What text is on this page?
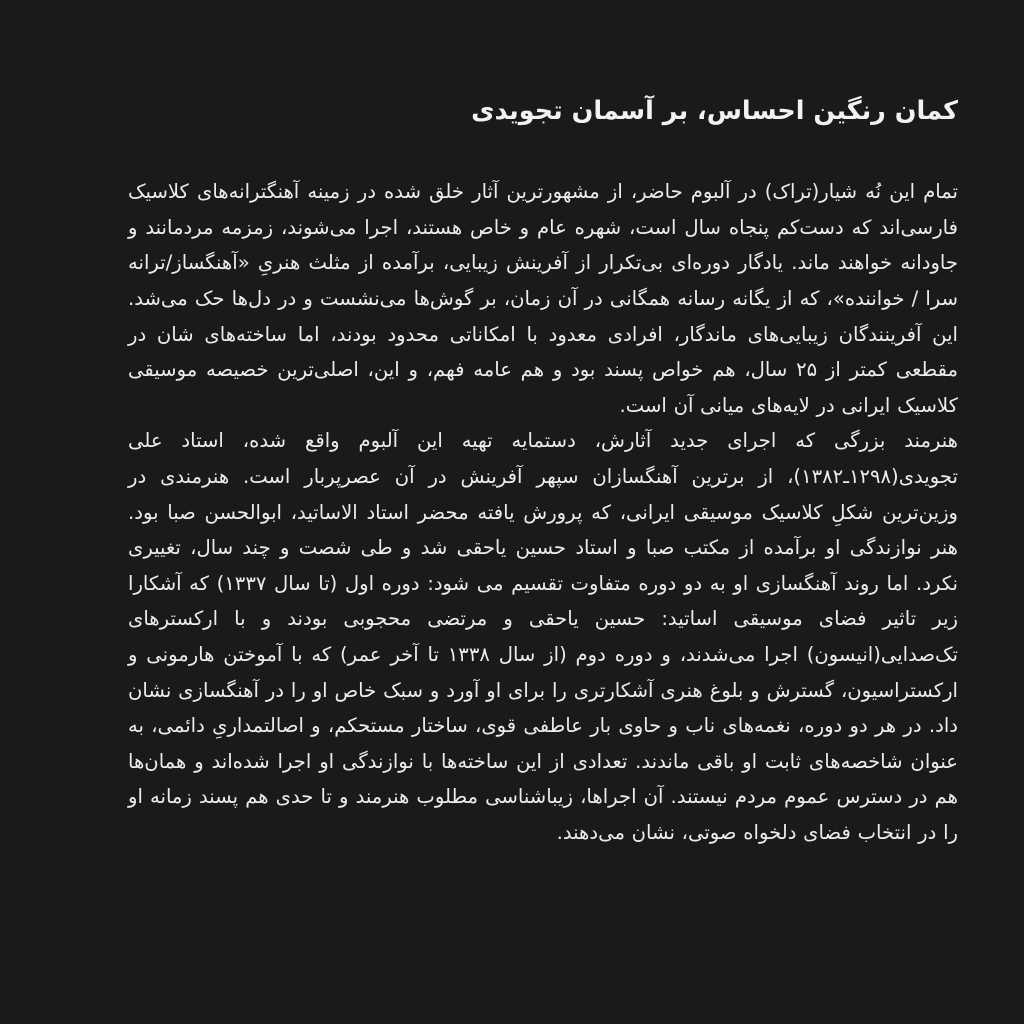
کمان رنگین احساس، بر آسمان تجویدی

تمام این نُه شیار(تراک) در آلبوم حاضر، از مشهورترین آثار خلق شده در زمینه آهنگترانه‌های کلاسیک فارسی‌اند که دست‌کم پنجاه سال است، شهره عام و خاص هستند، اجرا می‌شوند، زمزمه مردمانند و جاودانه خواهند ماند. یادگار دوره‌ای بی‌تکرار از آفرینش زیبایی، برآمده از مثلث هنریِ «آهنگساز/ترانه سرا / خواننده»، که از یگانه رسانه همگانی در آن زمان، بر گوش‌ها می‌نشست و در دل‌ها حک می‌شد. این آفرینندگان زیبایی‌های ماندگار، افرادی معدود با امکاناتی محدود بودند، اما ساخته‌های شان در مقطعی کمتر از ۲۵ سال، هم خواص پسند بود و هم عامه فهم، و این، اصلی‌ترین خصیصه موسیقی کلاسیک ایرانی در لایه‌های میانی آن است.

هنرمند بزرگی که اجرای جدید آثارش، دستمایه تهیه این آلبوم واقع شده، استاد علی تجویدی(۱۲۹۸ـ۱۳۸۲)، از برترین آهنگسازان سپهر آفرینش در آن عصرپربار است. هنرمندی در وزین‌ترین شکلِ کلاسیک موسیقی ایرانی، که پرورش یافته محضر استاد الاساتید، ابوالحسن صبا بود. هنر نوازندگی او برآمده از مکتب صبا و استاد حسین یاحقی شد و طی شصت و چند سال، تغییری نکرد. اما روند آهنگسازی او به دو دوره متفاوت تقسیم می شود: دوره اول (تا سال ۱۳۳۷) که آشکارا زیر تاثیر فضای موسیقی اساتید: حسین یاحقی و مرتضی محجوبی بودند و با ارکسترهای تک‌صدایی(انیسون) اجرا می‌شدند، و دوره دوم (از سال ۱۳۳۸ تا آخر عمر) که با آموختن هارمونی و ارکستراسیون، گسترش و بلوغ هنری آشکارتری را برای او آورد و سبک خاص او را در آهنگسازی نشان داد. در هر دو دوره، نغمه‌های ناب و حاوی بار عاطفی قوی، ساختار مستحکم، و اصالتمداریِ دائمی، به عنوان شاخصه‌های ثابت او باقی ماندند. تعدادی از این ساخته‌ها با نوازندگی او اجرا شده‌اند و همان‌ها هم در دسترس عموم مردم نیستند. آن اجراها، زیباشناسی مطلوب هنرمند و تا حدی هم پسند زمانه او را در انتخاب فضای دلخواه صوتی، نشان می‌دهند.
